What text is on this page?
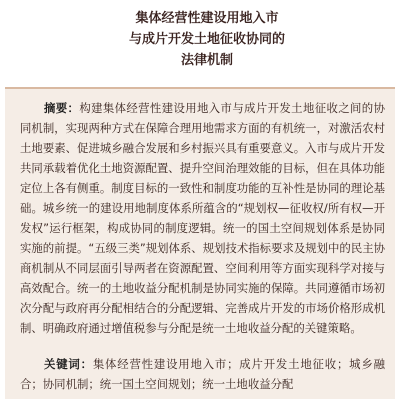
集体经营性建设用地入市
与成片开发土地征收协同的
法律机制

摘要：构建集体经营性建设用地入市与成片开发土地征收之间的协同机制，实现两种方式在保障合理用地需求方面的有机统一，对激活农村土地要素、促进城乡融合发展和乡村振兴具有重要意义。入市与成片开发共同承载着优化土地资源配置、提升空间治理效能的目标，但在具体功能定位上各有侧重。制度目标的一致性和制度功能的互补性是协同的理论基础。城乡统一的建设用地制度体系所蕴含的“规划权—征收权/所有权—开发权”运行框架，构成协同的制度逻辑。统一的国土空间规划体系是协同实施的前提。“五级三类”规划体系、规划技术指标要求及规划中的民主协商机制从不同层面引导两者在资源配置、空间利用等方面实现科学对接与高效配合。统一的土地收益分配机制是协同实施的保障。共同遵循市场初次分配与政府再分配相结合的分配逻辑、完善成片开发的市场价格形成机制、明确政府通过增值税参与分配是统一土地收益分配的关键策略。

关键词：集体经营性建设用地入市；成片开发土地征收；城乡融合；协同机制；统一国土空间规划；统一土地收益分配
